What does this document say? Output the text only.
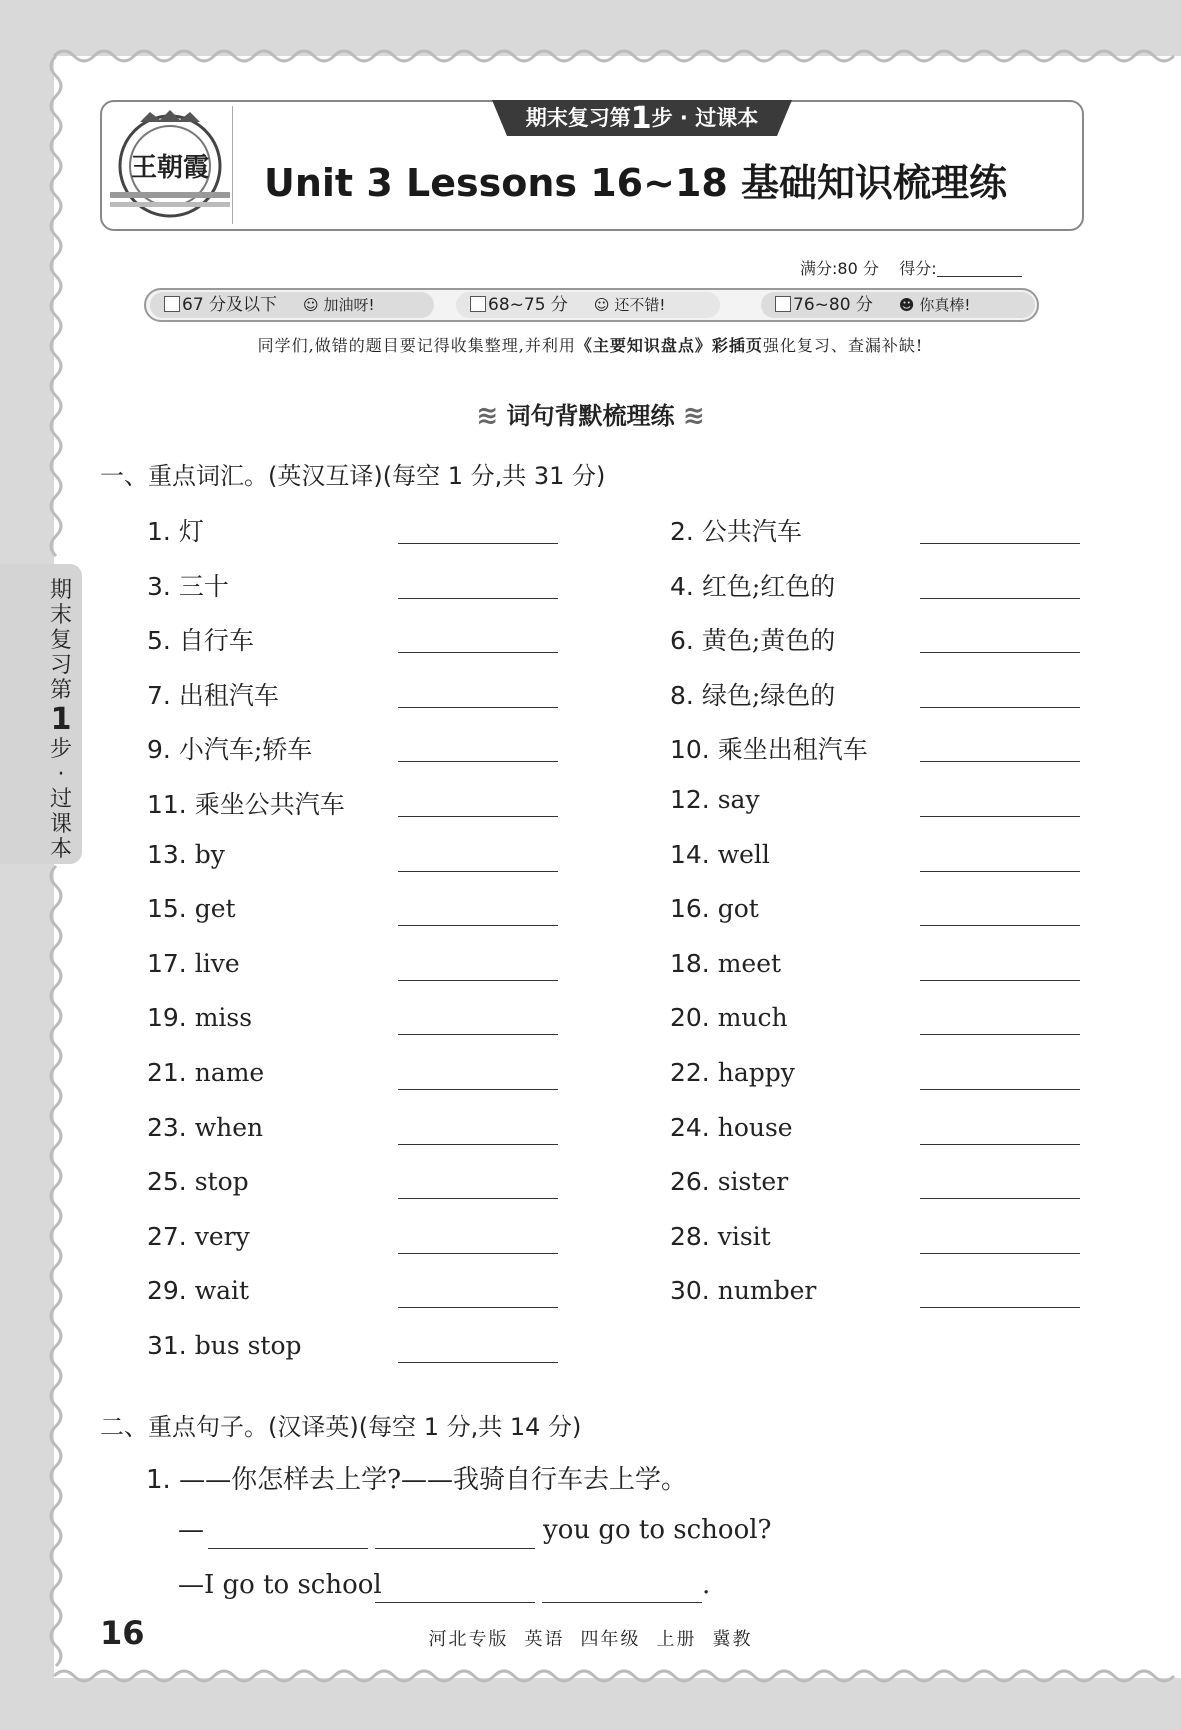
王朝霞
期末复习第1步 · 过课本
Unit 3 Lessons 16~18 基础知识梳理练
满分:80 分 得分:
67 分及以下 ☺ 加油呀!	68~75 分 ☺ 还不错!	76~80 分 ☻ 你真棒!
同学们,做错的题目要记得收集整理,并利用《主要知识盘点》彩插页强化复习、查漏补缺!
≋ 词句背默梳理练 ≋
一、重点词汇。(英汉互译)(每空 1 分,共 31 分)
1. 灯	2. 公共汽车
3. 三十	4. 红色;红色的
5. 自行车	6. 黄色;黄色的
7. 出租汽车	8. 绿色;绿色的
9. 小汽车;轿车	10. 乘坐出租汽车
11. 乘坐公共汽车	12. say
13. by	14. well
15. get	16. got
17. live	18. meet
19. miss	20. much
21. name	22. happy
23. when	24. house
25. stop	26. sister
27. very	28. visit
29. wait	30. number
31. bus stop
期
末
复
习
第
1
步
·
过
课
本
二、重点句子。(汉译英)(每空 1 分,共 14 分)
1. ——你怎样去上学?——我骑自行车去上学。
—	you go to school?
—I go to school	.
16	河北专版 英语 四年级 上册 冀教
